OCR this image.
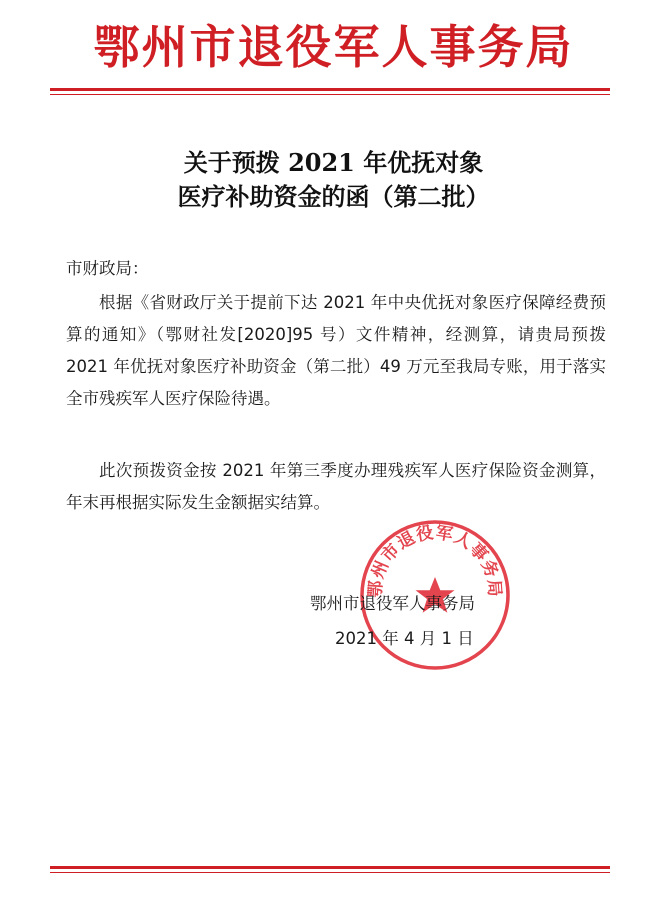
鄂州市退役军人事务局
关于预拨 2021 年优抚对象
医疗补助资金的函（第二批）
市财政局：
根据《省财政厅关于提前下达 2021 年中央优抚对象医疗保障经费预算的通知》（鄂财社发[2020]95 号）文件精神，经测算，请贵局预拨 2021 年优抚对象医疗补助资金（第二批）49 万元至我局专账，用于落实全市残疾军人医疗保险待遇。
此次预拨资金按 2021 年第三季度办理残疾军人医疗保险资金测算，年末再根据实际发生金额据实结算。
鄂州市退役军人事务局
鄂州市退役军人事务局
2021 年 4 月 1 日
